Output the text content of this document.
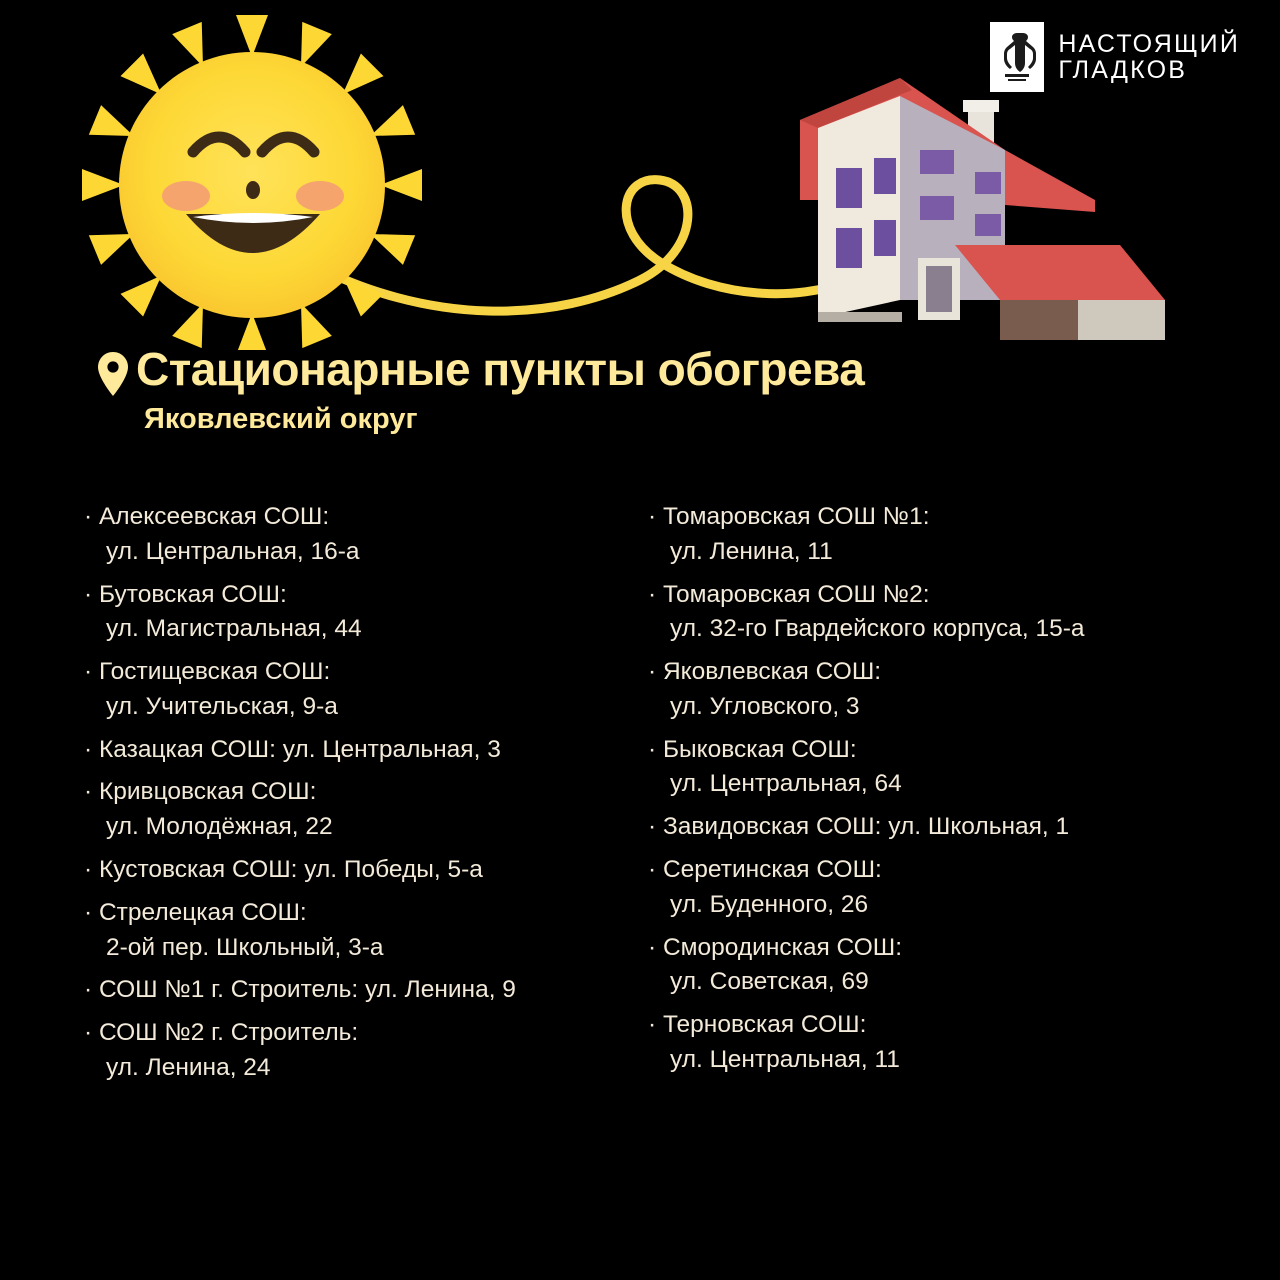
НАСТОЯЩИЙ
ГЛАДКОВ
Стационарные пункты обогрева
Яковлевский округ
· Алексеевская СОШ:
ул. Центральная, 16-а
· Бутовская СОШ:
ул. Магистральная, 44
· Гостищевская СОШ:
ул. Учительская, 9-а
· Казацкая СОШ: ул. Центральная, 3
· Кривцовская СОШ:
ул. Молодёжная, 22
· Кустовская СОШ: ул. Победы, 5-а
· Стрелецкая СОШ:
2-ой пер. Школьный, 3-а
· СОШ №1 г. Строитель: ул. Ленина, 9
· СОШ №2 г. Строитель:
ул. Ленина, 24
· Томаровская СОШ №1:
ул. Ленина, 11
· Томаровская СОШ №2:
ул. 32-го Гвардейского корпуса, 15-а
· Яковлевская СОШ:
ул. Угловского, 3
· Быковская СОШ:
ул. Центральная, 64
· Завидовская СОШ: ул. Школьная, 1
· Серетинская СОШ:
ул. Буденного, 26
· Смородинская СОШ:
ул. Советская, 69
· Терновская СОШ:
ул. Центральная, 11
